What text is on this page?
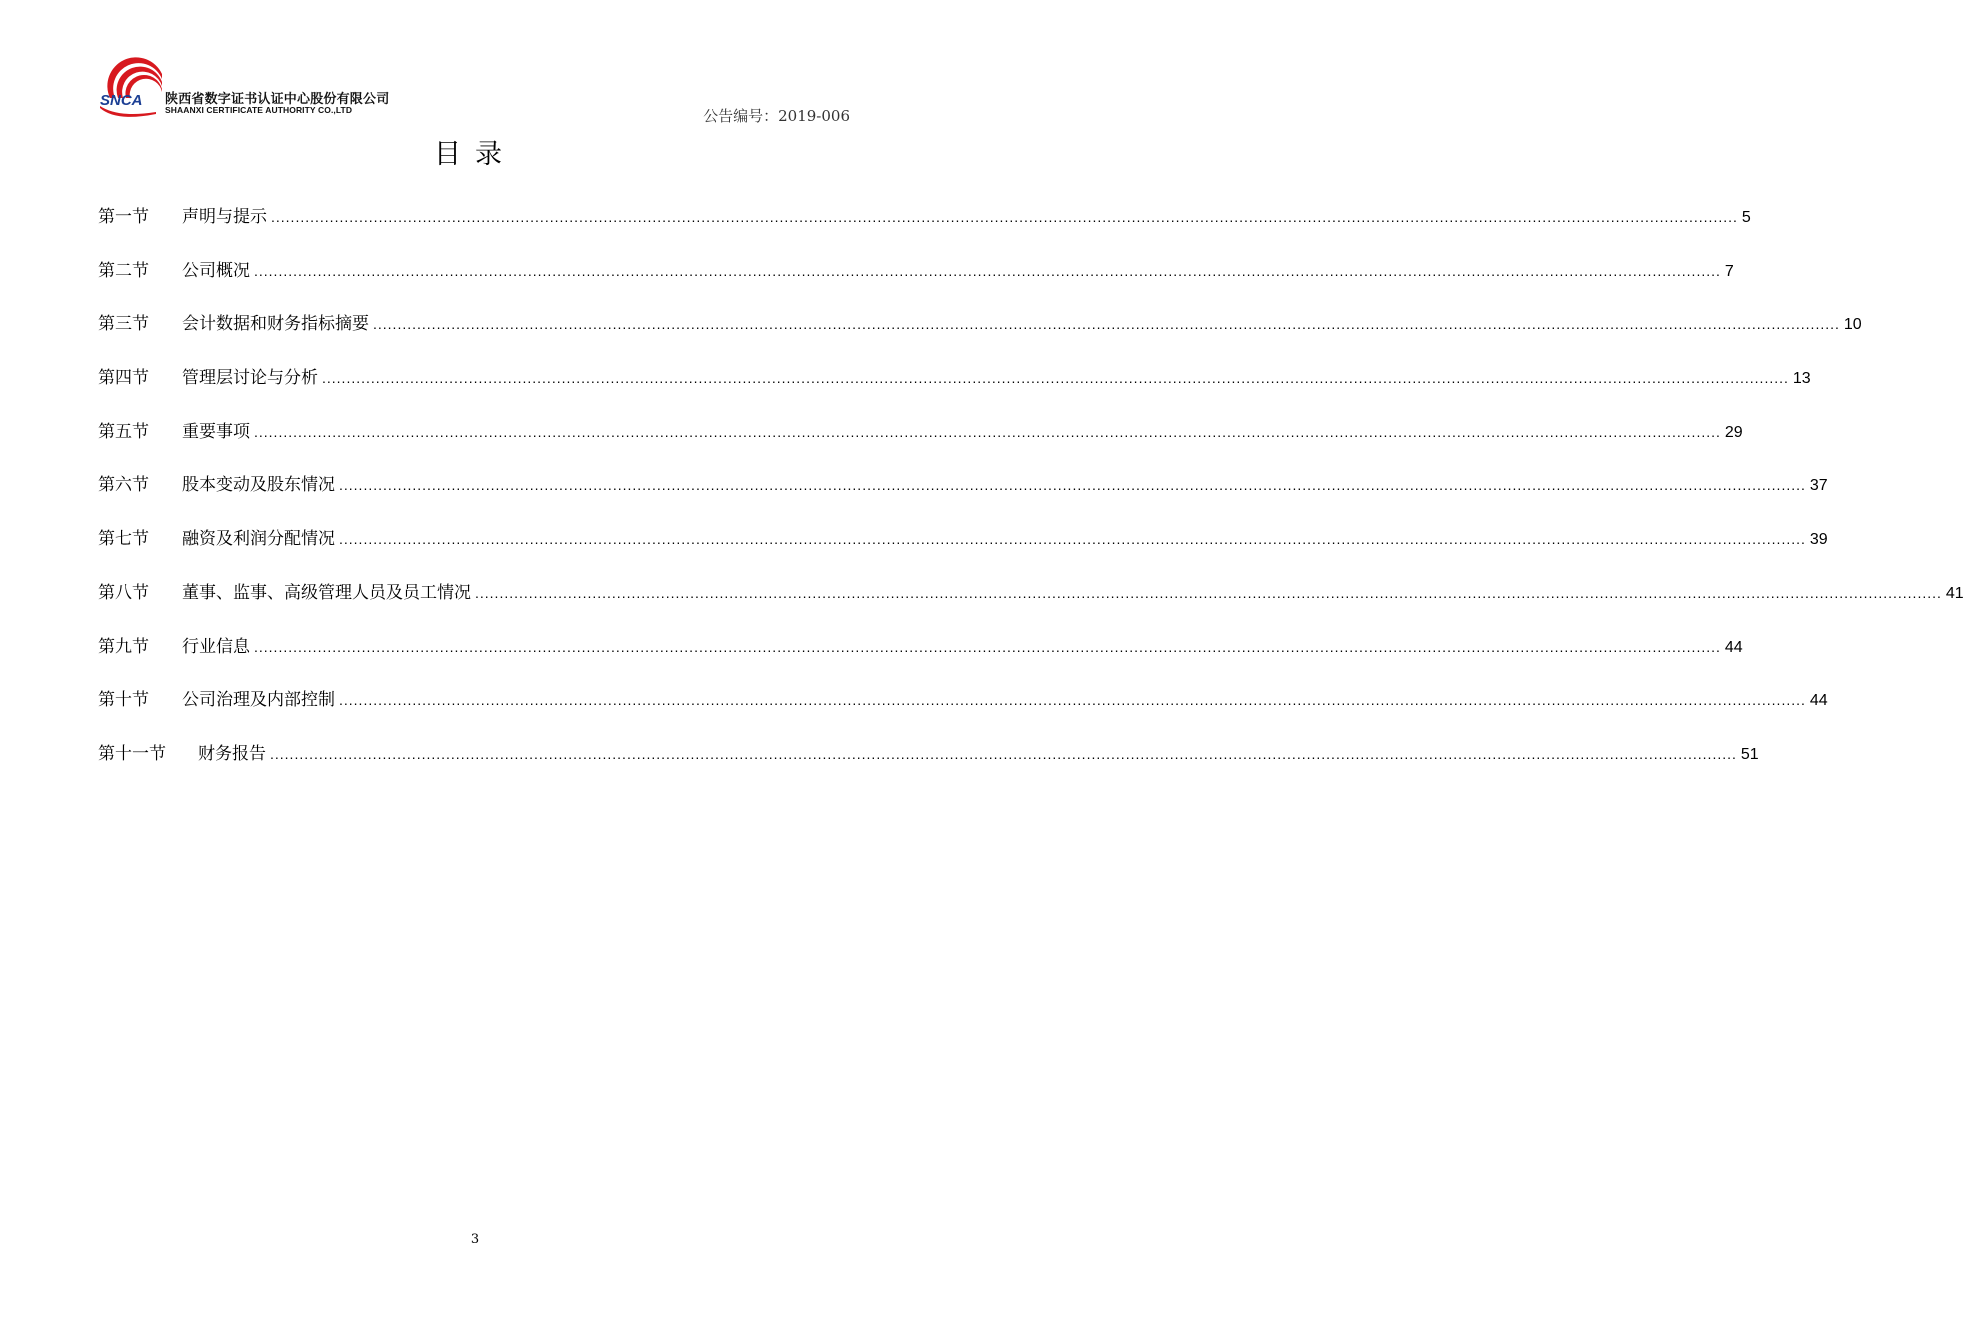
SNCA 陕西省数字证书认证中心股份有限公司
SHAANXI CERTIFICATE AUTHORITY CO.,LTD	公告编号：2019-006
目录
第一节	声明与提示 ............................................................................................................................................................................................................................................................................................................ 5
第二节	公司概况 ............................................................................................................................................................................................................................................................................................................ 7
第三节	会计数据和财务指标摘要 ............................................................................................................................................................................................................................................................................................................ 10
第四节	管理层讨论与分析 ............................................................................................................................................................................................................................................................................................................ 13
第五节	重要事项 ............................................................................................................................................................................................................................................................................................................ 29
第六节	股本变动及股东情况 ............................................................................................................................................................................................................................................................................................................ 37
第七节	融资及利润分配情况 ............................................................................................................................................................................................................................................................................................................ 39
第八节	董事、监事、高级管理人员及员工情况 ............................................................................................................................................................................................................................................................................................................ 41
第九节	行业信息 ............................................................................................................................................................................................................................................................................................................ 44
第十节	公司治理及内部控制 ............................................................................................................................................................................................................................................................................................................ 44
第十一节	财务报告 ............................................................................................................................................................................................................................................................................................................ 51
3
